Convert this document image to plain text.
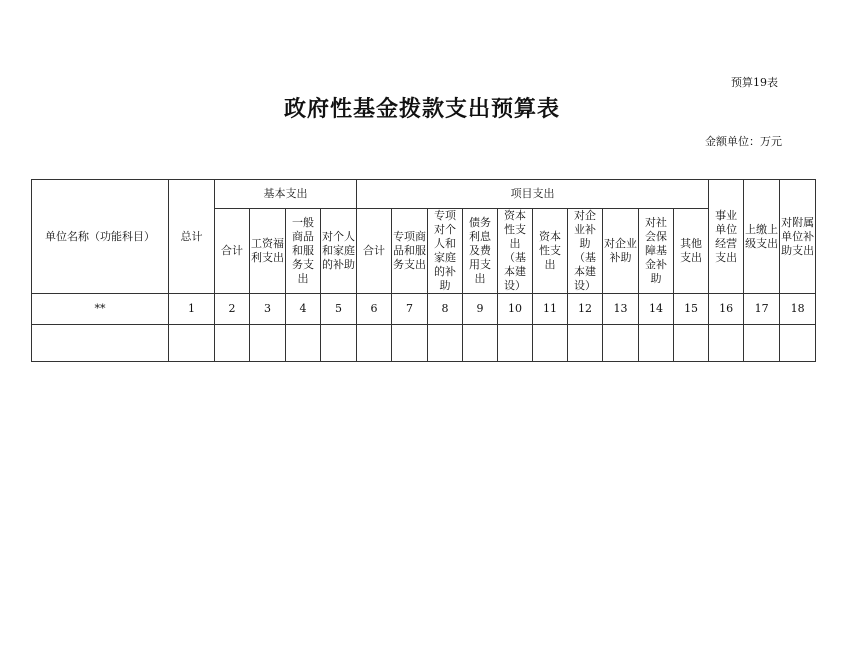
预算19表
政府性基金拨款支出预算表
金额单位：万元
单位名称（功能科目）	总计	基本支出				项目支出										事业单位经营支出	上缴上级支出	对附属单位补助支出
		合计	工资福利支出	一般商品和服务支出	对个人和家庭的补助	合计	专项商品和服务支出	专项对个人和家庭的补助	债务利息及费用支出	资本性支出（基本建设）	资本性支出	对企业补助（基本建设）	对企业补助	对社会保障基金补助	其他支出			
**	1	2	3	4	5	6	7	8	9	10	11	12	13	14	15	16	17	18
